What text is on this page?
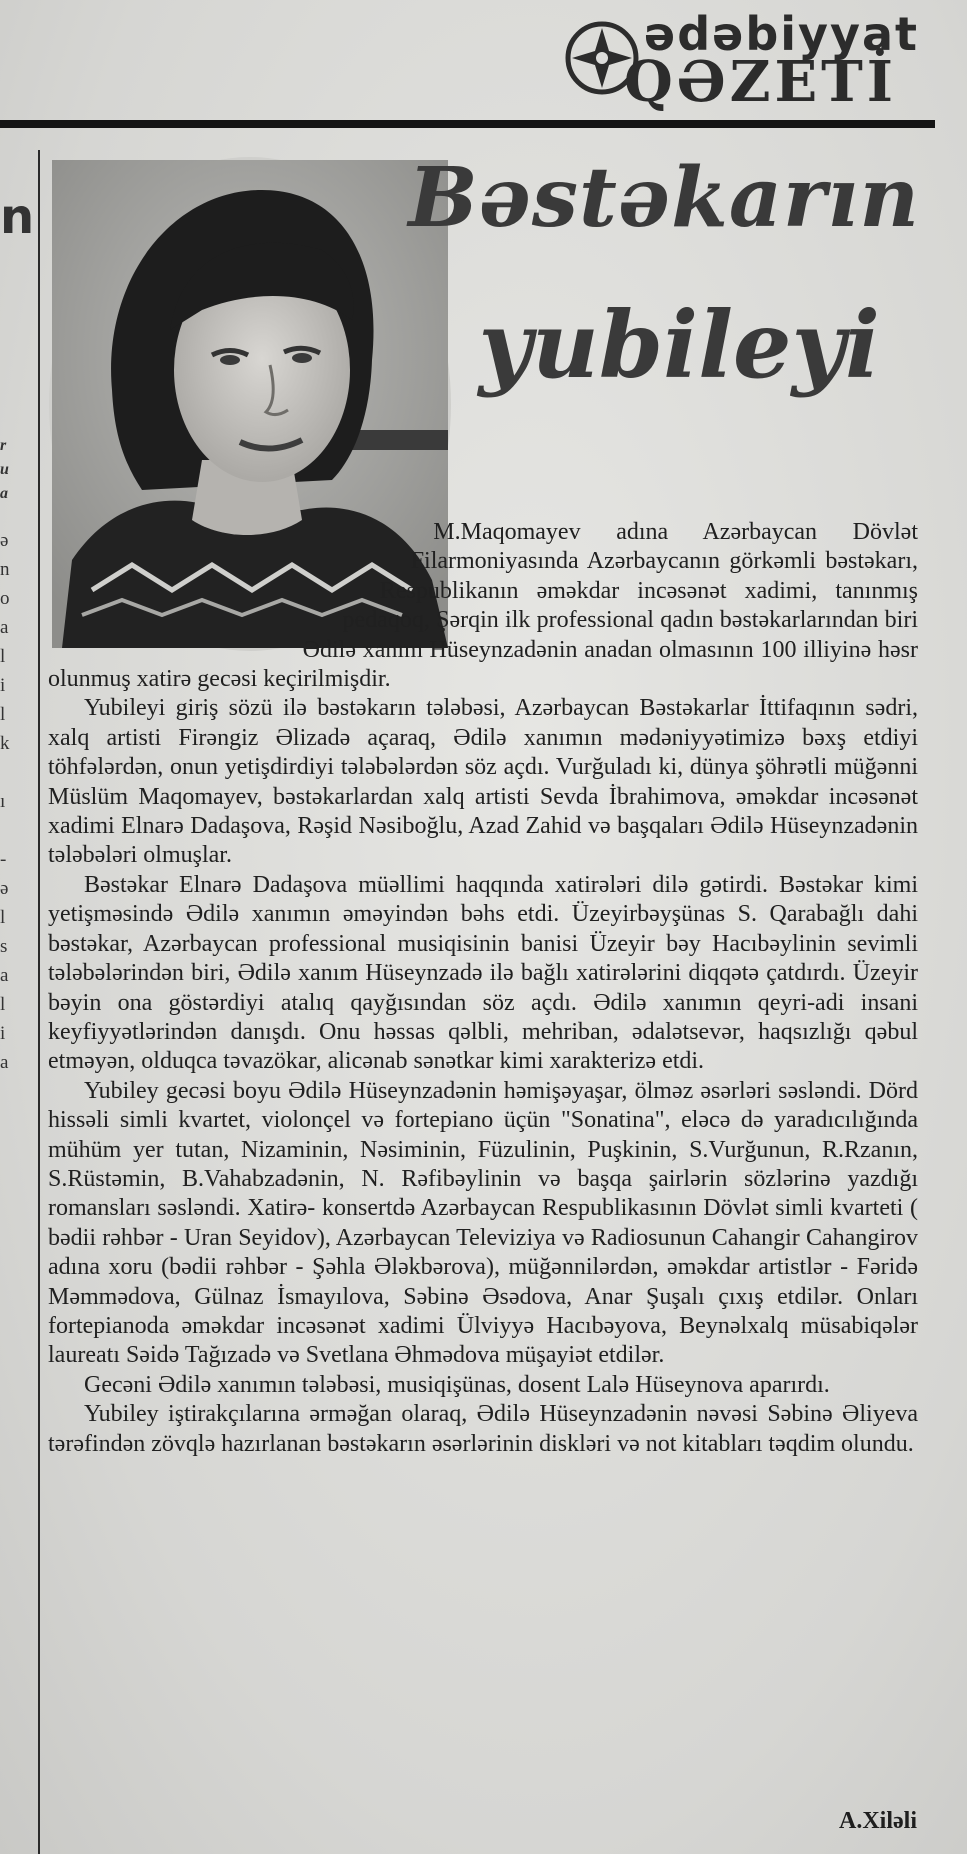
ədəbiyyat
QƏZETİ
n
r
u
a
ə
n
o
a
l
i
l
k

ı

-
ə
l
s
a
l
i
a
Bəstəkarın
yubileyi

M.Maqomayev adına Azərbaycan Dövlət Filarmoniyasında Azərbaycanın görkəmli bəstəkarı, Respublikanın əməkdar incəsənət xadimi, tanınmış pedaqoq, Şərqin ilk professional qadın bəstəkarlarından biri Ədilə xanım Hüseynzadənin anadan olmasının 100 illiyinə həsr olunmuş xatirə gecəsi keçirilmişdir.

Yubileyi giriş sözü ilə bəstəkarın tələbəsi, Azərbaycan Bəstəkarlar İttifaqının sədri, xalq artisti Firəngiz Əlizadə açaraq, Ədilə xanımın mədəniyyətimizə bəxş etdiyi töhfələrdən, onun yetişdirdiyi tələbələrdən söz açdı. Vurğuladı ki, dünya şöhrətli müğənni Müslüm Maqomayev, bəstəkarlardan xalq artisti Sevda İbrahimova, əməkdar incəsənət xadimi Elnarə Dadaşova, Rəşid Nəsiboğlu, Azad Zahid və başqaları Ədilə Hüseynzadənin tələbələri olmuşlar.

Bəstəkar Elnarə Dadaşova müəllimi haqqında xatirələri dilə gətirdi. Bəstəkar kimi yetişməsində Ədilə xanımın əməyindən bəhs etdi. Üzeyirbəyşünas S. Qarabağlı dahi bəstəkar, Azərbaycan professional musiqisinin banisi Üzeyir bəy Hacıbəylinin sevimli tələbələrindən biri, Ədilə xanım Hüseynzadə ilə bağlı xatirələrini diqqətə çatdırdı. Üzeyir bəyin ona göstərdiyi atalıq qayğısından söz açdı. Ədilə xanımın qeyri-adi insani keyfiyyətlərindən danışdı. Onu həssas qəlbli, mehriban, ədalətsevər, haqsızlığı qəbul etməyən, olduqca təvazökar, alicənab sənətkar kimi xarakterizə etdi.

Yubiley gecəsi boyu Ədilə Hüseynzadənin həmişəyaşar, ölməz əsərləri səsləndi. Dörd hissəli simli kvartet, violonçel və fortepiano üçün "Sonatina", eləcə də yaradıcılığında mühüm yer tutan, Nizaminin, Nəsiminin, Füzulinin, Puşkinin, S.Vurğunun, R.Rzanın, S.Rüstəmin, B.Vahabzadənin, N. Rəfibəylinin və başqa şairlərin sözlərinə yazdığı romansları səsləndi. Xatirə- konsertdə Azərbaycan Respublikasının Dövlət simli kvarteti ( bədii rəhbər - Uran Seyidov), Azərbaycan Televiziya və Radiosunun Cahangir Cahangirov adına xoru (bədii rəhbər - Şəhla Ələkbərova), müğənnilərdən, əməkdar artistlər - Fəridə Məmmədova, Gülnaz İsmayılova, Səbinə Əsədova, Anar Şuşalı çıxış etdilər. Onları fortepianoda əməkdar incəsənət xadimi Ülviyyə Hacıbəyova, Beynəlxalq müsabiqələr laureatı Səidə Tağızadə və Svetlana Əhmədova müşayiət etdilər.

Gecəni Ədilə xanımın tələbəsi, musiqişünas, dosent Lalə Hüseynova aparırdı.

Yubiley iştirakçılarına ərməğan olaraq, Ədilə Hüseynzadənin nəvəsi Səbinə Əliyeva tərəfindən zövqlə hazırlanan bəstəkarın əsərlərinin diskləri və not kitabları təqdim olundu.

A.Xiləli
